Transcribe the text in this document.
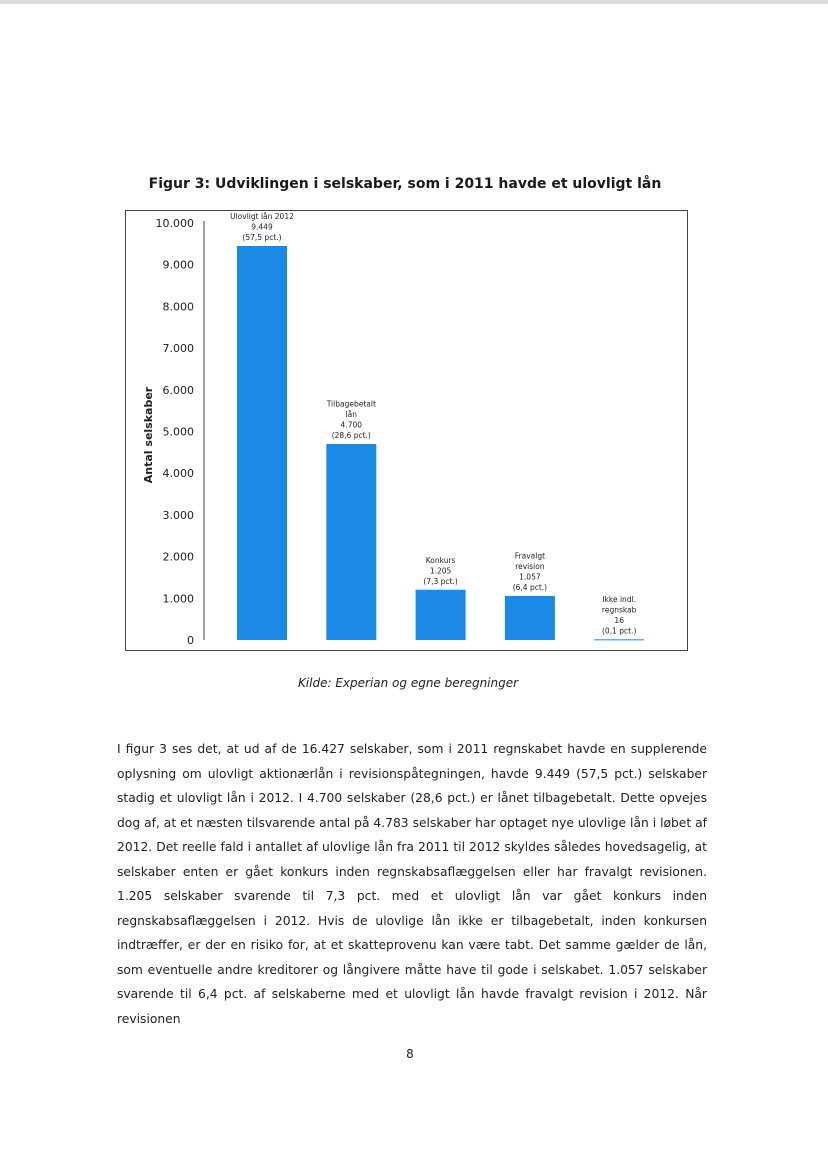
Figur 3: Udviklingen i selskaber, som i 2011 havde et ulovligt lån
0
1.000
2.000
3.000
4.000
5.000
6.000
7.000
8.000
9.000
10.000
Antal selskaber
Ulovligt lån 2012
9.449
(57,5 pct.)
Tilbagebetalt
lån
4.700
(28,6 pct.)
Konkurs
1.205
(7,3 pct.)
Fravalgt
revision
1.057
(6,4 pct.)
Ikke indl.
regnskab
16
(0,1 pct.)
Kilde: Experian og egne beregninger

I figur 3 ses det, at ud af de 16.427 selskaber, som i 2011 regnskabet havde en supplerende oplysning om ulovligt aktionærlån i revisionspåtegningen, havde 9.449 (57,5 pct.) selskaber stadig et ulovligt lån i 2012. I 4.700 selskaber (28,6 pct.) er lånet tilbagebetalt. Dette opvejes dog af, at et næsten tilsvarende antal på 4.783 selskaber har optaget nye ulovlige lån i løbet af 2012. Det reelle fald i antallet af ulovlige lån fra 2011 til 2012 skyldes således hovedsagelig, at selskaber enten er gået konkurs inden regnskabsaflæggelsen eller har fravalgt revisionen. 1.205 selskaber svarende til 7,3 pct. med et ulovligt lån var gået konkurs inden regnskabsaflæggelsen i 2012. Hvis de ulovlige lån ikke er tilbagebetalt, inden konkursen indtræffer, er der en risiko for, at et skatteprovenu kan være tabt. Det samme gælder de lån, som eventuelle andre kreditorer og långivere måtte have til gode i selskabet. 1.057 selskaber svarende til 6,4 pct. af selskaberne med et ulovligt lån havde fravalgt revision i 2012. Når revisionen

8
